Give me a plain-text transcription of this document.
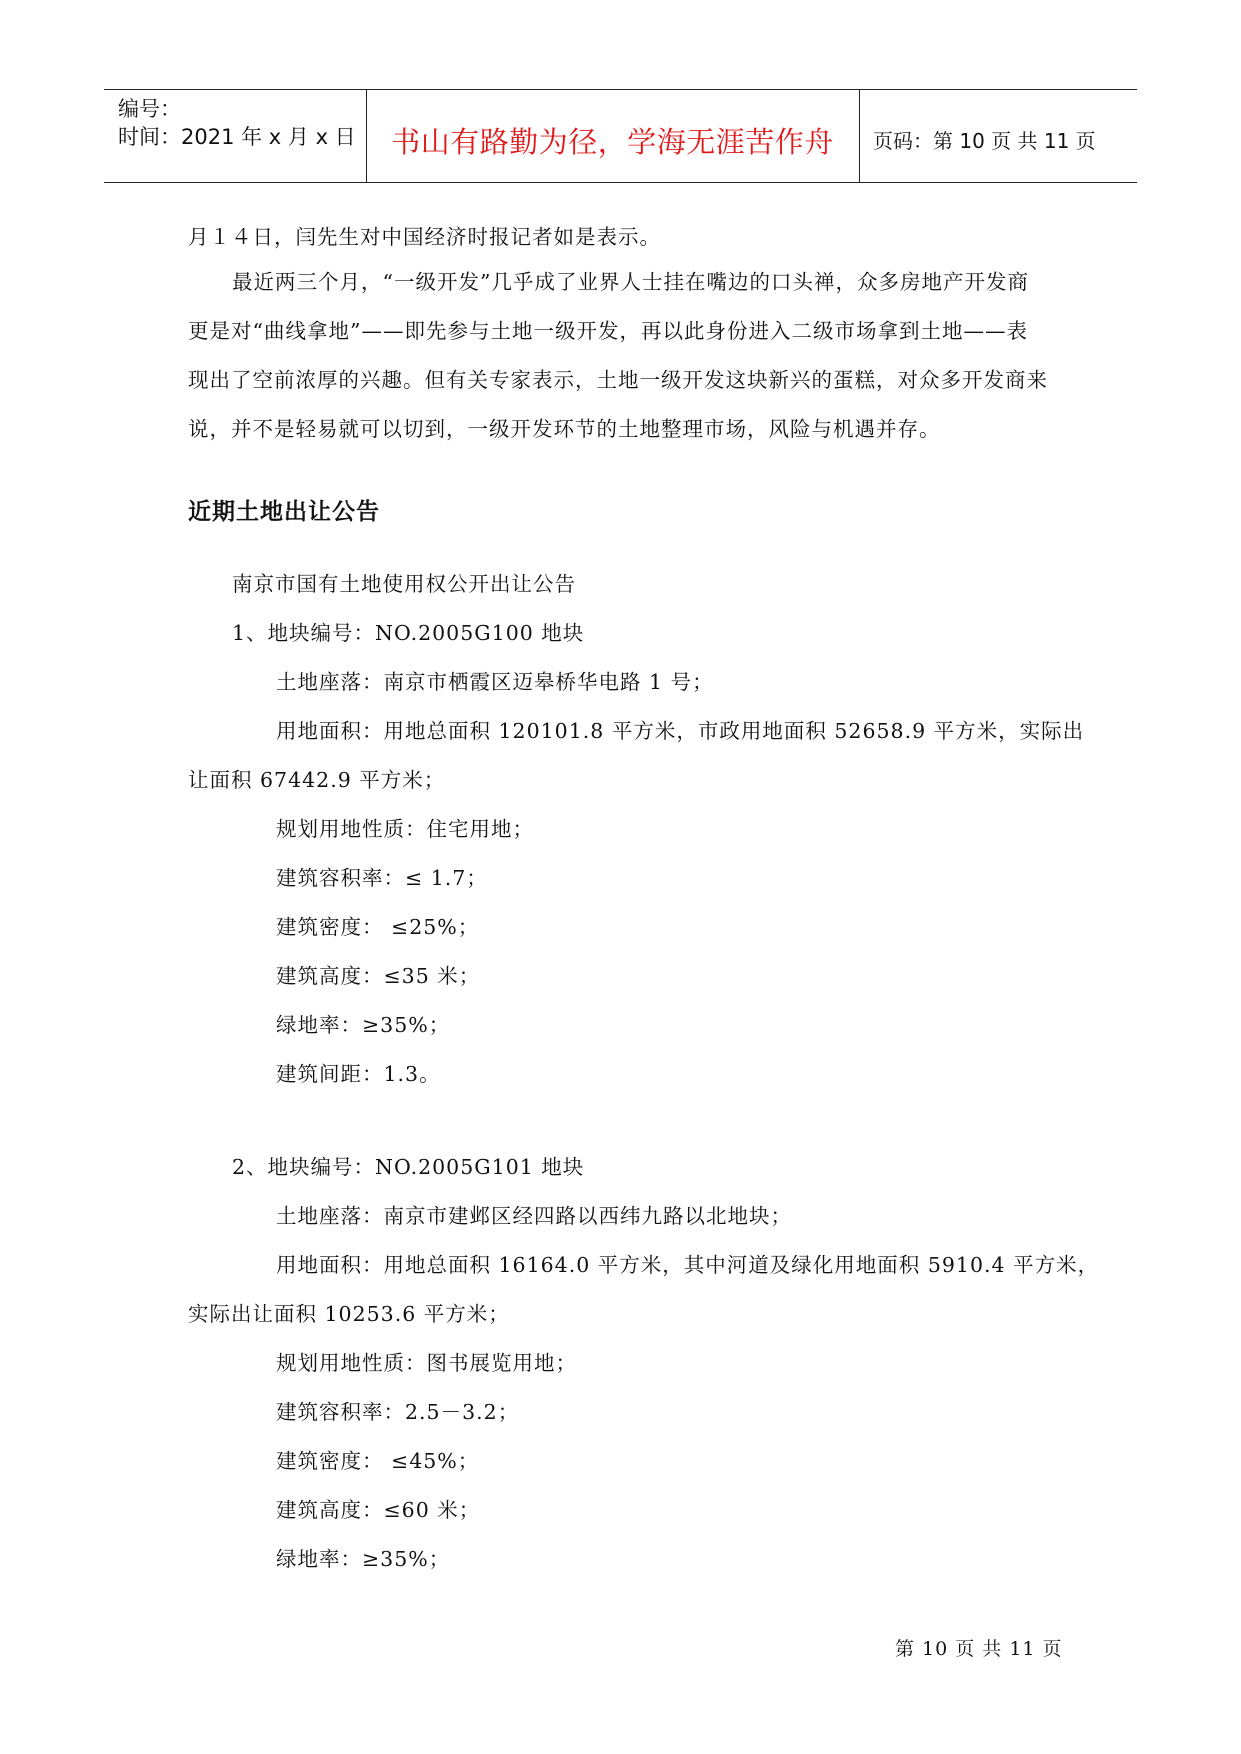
编号：
时间：2021 年 x 月 x 日	书山有路勤为径，学海无涯苦作舟	页码：第 10 页 共 11 页
月１４日，闫先生对中国经济时报记者如是表示。
最近两三个月，“一级开发”几乎成了业界人士挂在嘴边的口头禅，众多房地产开发商
更是对“曲线拿地”——即先参与土地一级开发，再以此身份进入二级市场拿到土地——表
现出了空前浓厚的兴趣。但有关专家表示，土地一级开发这块新兴的蛋糕，对众多开发商来
说，并不是轻易就可以切到，一级开发环节的土地整理市场，风险与机遇并存。
近期土地出让公告
南京市国有土地使用权公开出让公告
1、地块编号：NO.2005G100 地块
土地座落：南京市栖霞区迈皋桥华电路 1 号；
用地面积：用地总面积 120101.8 平方米，市政用地面积 52658.9 平方米，实际出
让面积 67442.9 平方米；
规划用地性质：住宅用地；
建筑容积率：≤ 1.7；
建筑密度： ≤25%；
建筑高度：≤35 米；
绿地率：≥35%；
建筑间距：1.3。
2、地块编号：NO.2005G101 地块
土地座落：南京市建邺区经四路以西纬九路以北地块；
用地面积：用地总面积 16164.0 平方米，其中河道及绿化用地面积 5910.4 平方米，
实际出让面积 10253.6 平方米；
规划用地性质：图书展览用地；
建筑容积率：2.5－3.2；
建筑密度： ≤45%；
建筑高度：≤60 米；
绿地率：≥35%；
第 10 页 共 11 页
